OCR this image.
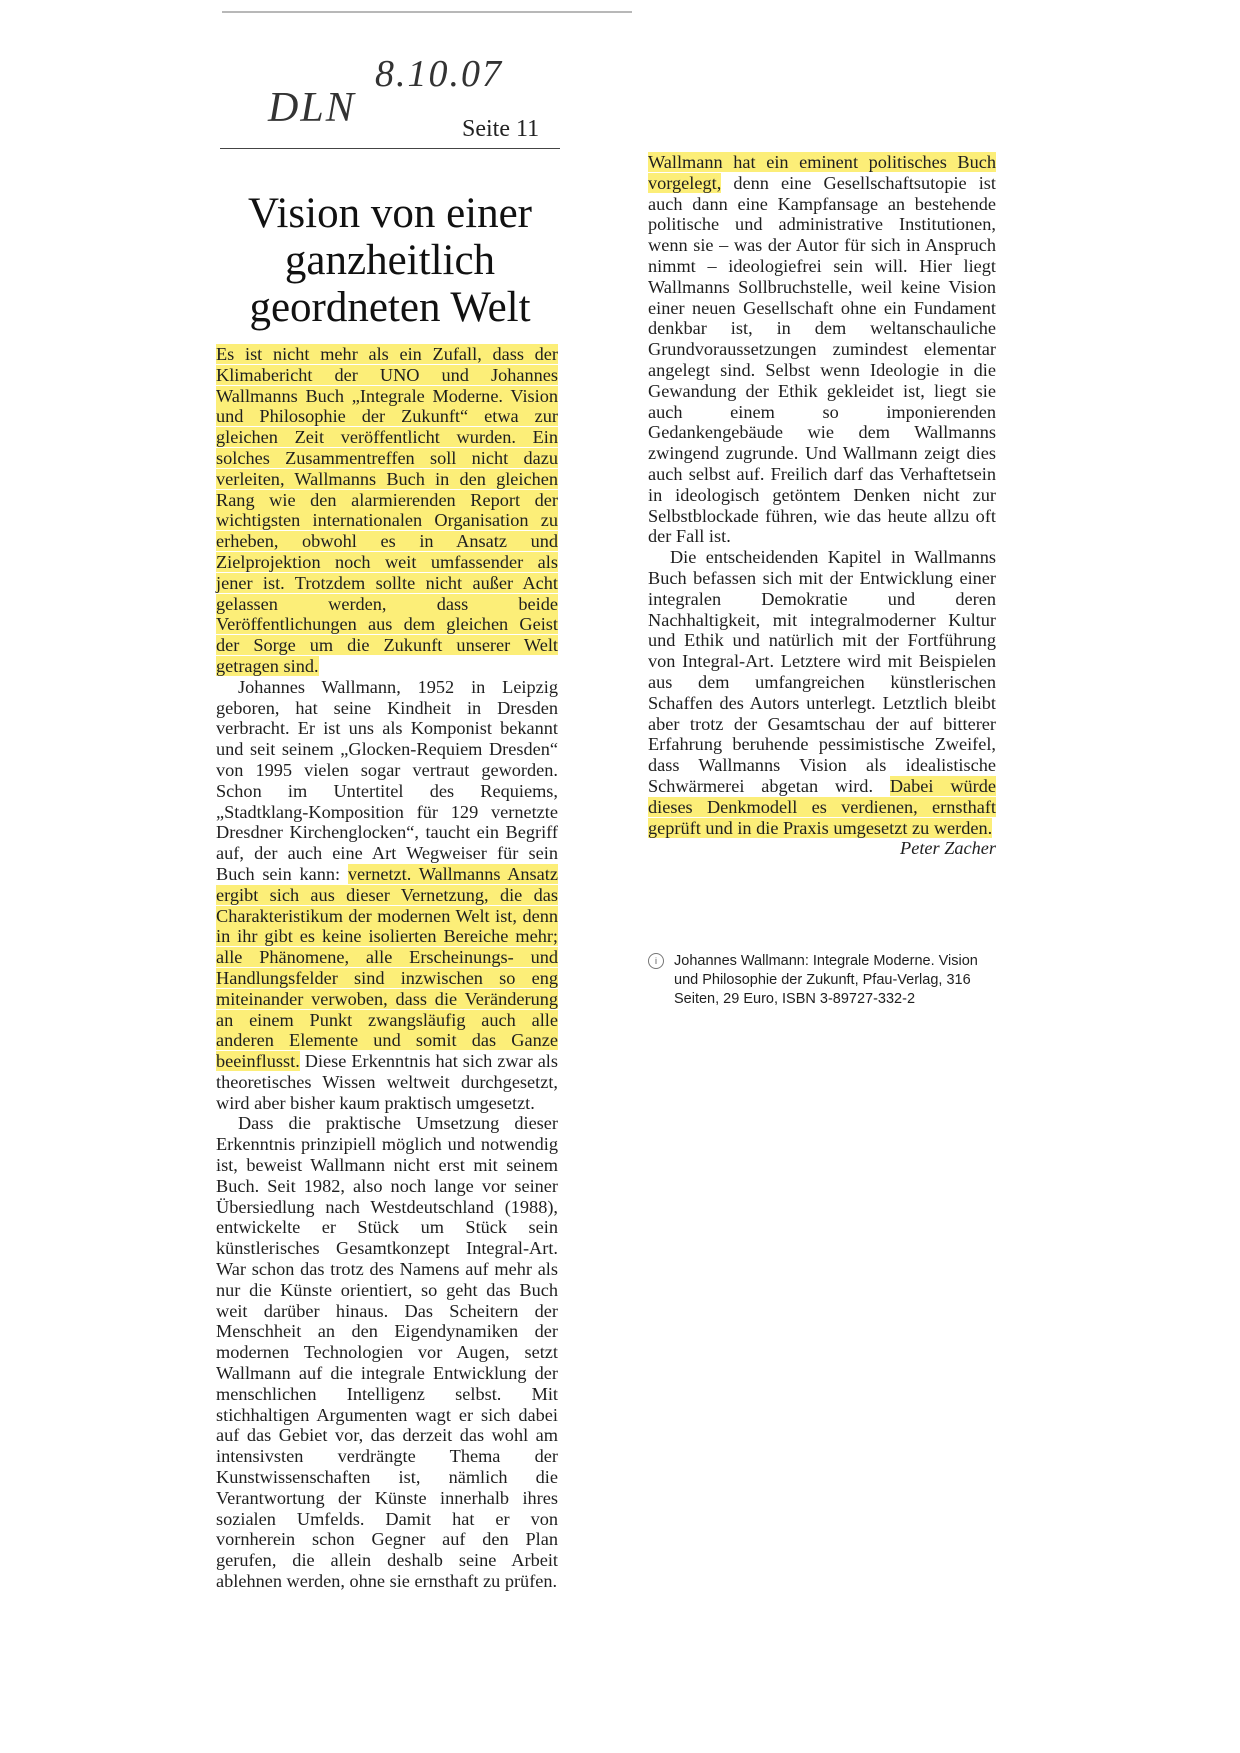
DLN
8.10.07
Seite 11
Vision von einer ganzheitlich geordneten Welt

Es ist nicht mehr als ein Zufall, dass der Klimabericht der UNO und Johannes Wallmanns Buch „Integrale Moderne. Vision und Philosophie der Zukunft“ etwa zur gleichen Zeit veröffentlicht wurden. Ein solches Zusammentreffen soll nicht dazu verleiten, Wallmanns Buch in den gleichen Rang wie den alarmierenden Report der wichtigsten internationalen Organisation zu erheben, obwohl es in Ansatz und Zielprojektion noch weit umfassender als jener ist. Trotzdem sollte nicht außer Acht gelassen werden, dass beide Veröffentlichungen aus dem gleichen Geist der Sorge um die Zukunft unserer Welt getragen sind.

Johannes Wallmann, 1952 in Leipzig geboren, hat seine Kindheit in Dresden verbracht. Er ist uns als Komponist bekannt und seit seinem „Glocken-Requiem Dresden“ von 1995 vielen sogar vertraut geworden. Schon im Untertitel des Requiems, „Stadtklang-Komposition für 129 vernetzte Dresdner Kirchenglocken“, taucht ein Begriff auf, der auch eine Art Wegweiser für sein Buch sein kann: vernetzt. Wallmanns Ansatz ergibt sich aus dieser Vernetzung, die das Charakteristikum der modernen Welt ist, denn in ihr gibt es keine isolierten Bereiche mehr; alle Phänomene, alle Erscheinungs- und Handlungsfelder sind inzwischen so eng miteinander verwoben, dass die Veränderung an einem Punkt zwangsläufig auch alle anderen Elemente und somit das Ganze beeinflusst. Diese Erkenntnis hat sich zwar als theoretisches Wissen weltweit durchgesetzt, wird aber bisher kaum praktisch umgesetzt.

Dass die praktische Umsetzung dieser Erkenntnis prinzipiell möglich und notwendig ist, beweist Wallmann nicht erst mit seinem Buch. Seit 1982, also noch lange vor seiner Übersiedlung nach Westdeutschland (1988), entwickelte er Stück um Stück sein künstlerisches Gesamtkonzept Integral-Art. War schon das trotz des Namens auf mehr als nur die Künste orientiert, so geht das Buch weit darüber hinaus. Das Scheitern der Menschheit an den Eigendynamiken der modernen Technologien vor Augen, setzt Wallmann auf die integrale Entwicklung der menschlichen Intelligenz selbst. Mit stichhaltigen Argumenten wagt er sich dabei auf das Gebiet vor, das derzeit das wohl am intensivsten verdrängte Thema der Kunstwissenschaften ist, nämlich die Verantwortung der Künste innerhalb ihres sozialen Umfelds. Damit hat er von vornherein schon Gegner auf den Plan gerufen, die allein deshalb seine Arbeit ablehnen werden, ohne sie ernsthaft zu prüfen.

Wallmann hat ein eminent politisches Buch vorgelegt, denn eine Gesellschaftsutopie ist auch dann eine Kampfansage an bestehende politische und administrative Institutionen, wenn sie – was der Autor für sich in Anspruch nimmt – ideologiefrei sein will. Hier liegt Wallmanns Sollbruchstelle, weil keine Vision einer neuen Gesellschaft ohne ein Fundament denkbar ist, in dem weltanschauliche Grundvoraussetzungen zumindest elementar angelegt sind. Selbst wenn Ideologie in die Gewandung der Ethik gekleidet ist, liegt sie auch einem so imponierenden Gedankengebäude wie dem Wallmanns zwingend zugrunde. Und Wallmann zeigt dies auch selbst auf. Freilich darf das Verhaftetsein in ideologisch getöntem Denken nicht zur Selbstblockade führen, wie das heute allzu oft der Fall ist.

Die entscheidenden Kapitel in Wallmanns Buch befassen sich mit der Entwicklung einer integralen Demokratie und deren Nachhaltigkeit, mit integralmoderner Kultur und Ethik und natürlich mit der Fortführung von Integral-Art. Letztere wird mit Beispielen aus dem umfangreichen künstlerischen Schaffen des Autors unterlegt. Letztlich bleibt aber trotz der Gesamtschau der auf bitterer Erfahrung beruhende pessimistische Zweifel, dass Wallmanns Vision als idealistische Schwärmerei abgetan wird. Dabei würde dieses Denkmodell es verdienen, ernsthaft geprüft und in die Praxis umgesetzt zu werden.

Peter Zacher
i	Johannes Wallmann: Integrale Moderne. Vision und Philosophie der Zukunft, Pfau-Verlag, 316 Seiten, 29 Euro, ISBN 3-89727-332-2
